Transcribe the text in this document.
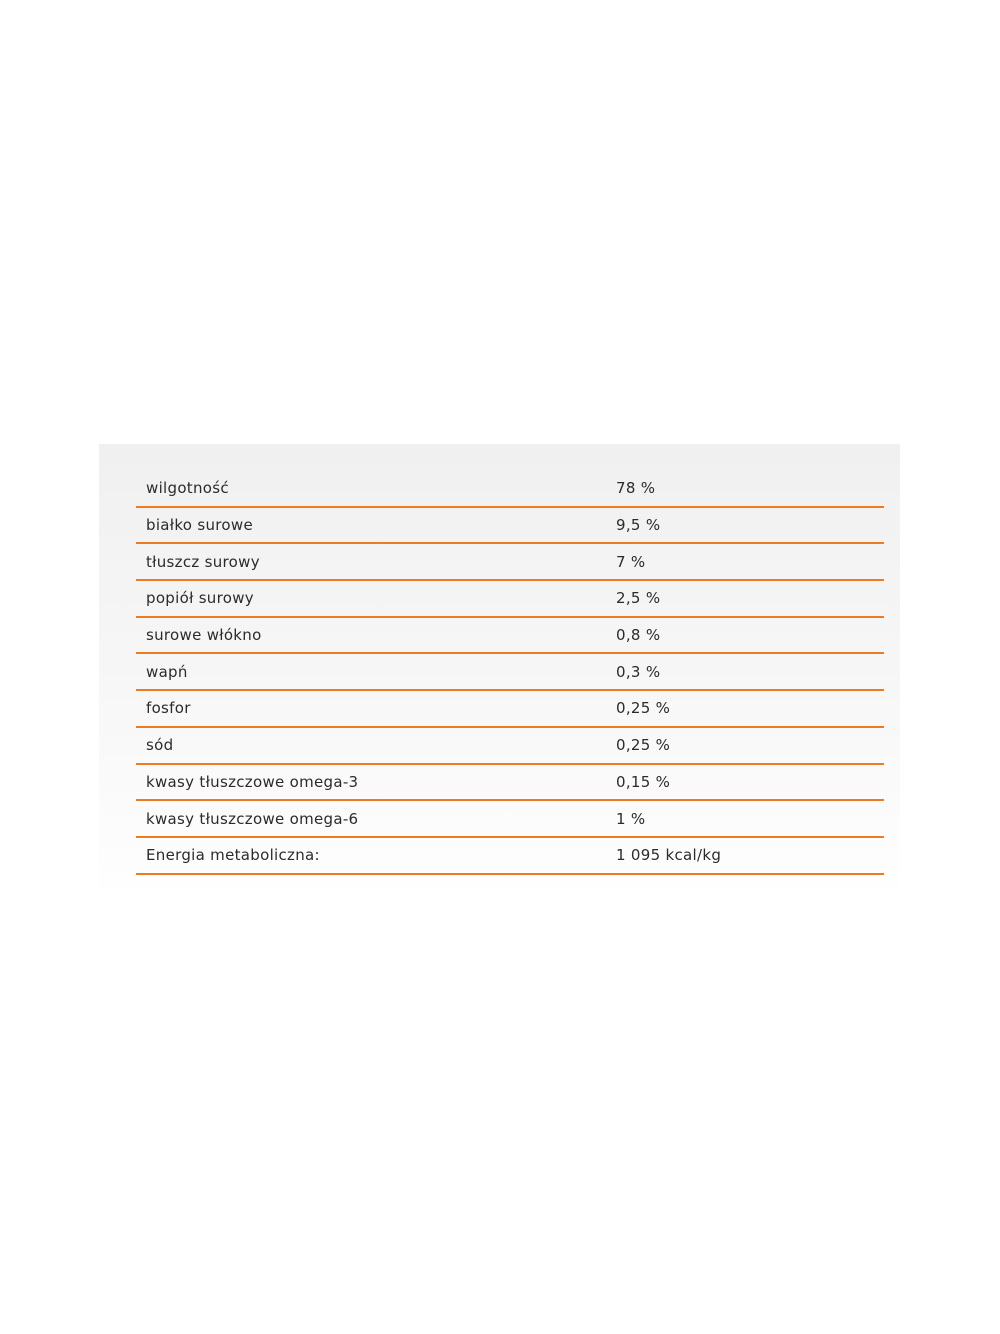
wilgotność	78 %
białko surowe	9,5 %
tłuszcz surowy	7 %
popiół surowy	2,5 %
surowe włókno	0,8 %
wapń	0,3 %
fosfor	0,25 %
sód	0,25 %
kwasy tłuszczowe omega-3	0,15 %
kwasy tłuszczowe omega-6	1 %
Energia metaboliczna:	1 095 kcal/kg
